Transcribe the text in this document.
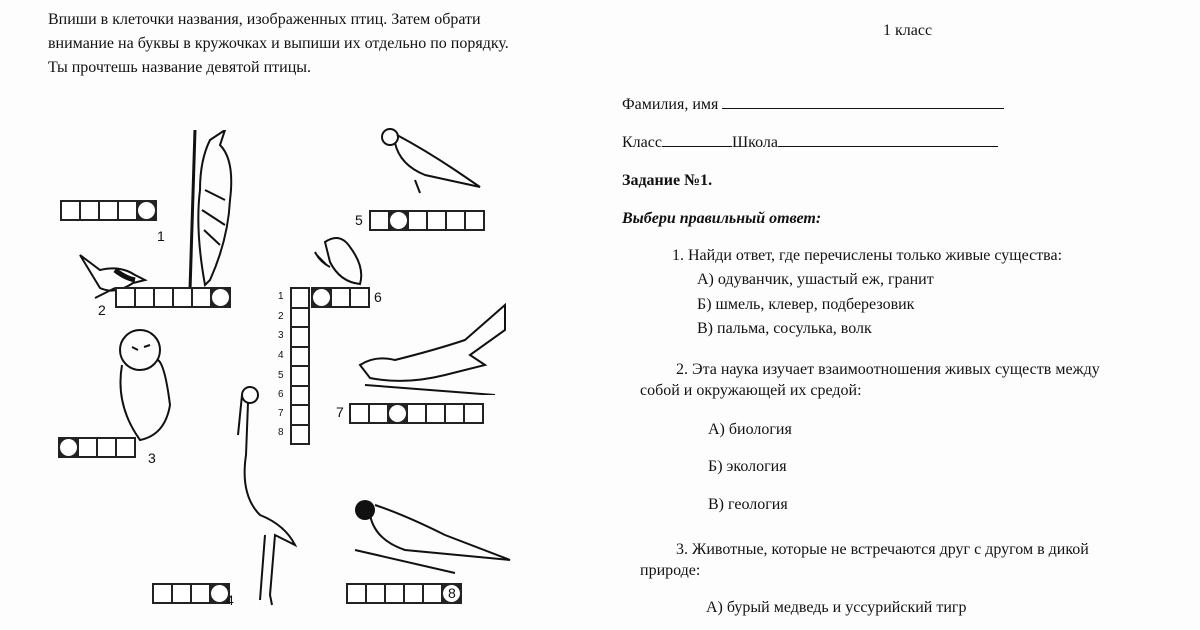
Впиши в клеточки названия, изображенных птиц. Затем обрати
внимание на буквы в кружочках и выпиши их отдельно по порядку.
Ты прочтешь название девятой птицы.
1
2
3
4
5
6
7
8
1
2
3
4
5
6
7
8
1 класс
Фамилия, имя
Класс	Школа
Задание №1.
Выбери правильный ответ:
1. Найди ответ, где перечислены только живые существа:
А) одуванчик, ушастый еж, гранит
Б) шмель, клевер, подберезовик
В) пальма, сосулька, волк
2. Эта наука изучает взаимоотношения живых существ между
собой и окружающей их средой:
А) биология
Б) экология
В) геология
3. Животные, которые не встречаются друг с другом в дикой
природе:
А) бурый медведь и уссурийский тигр
